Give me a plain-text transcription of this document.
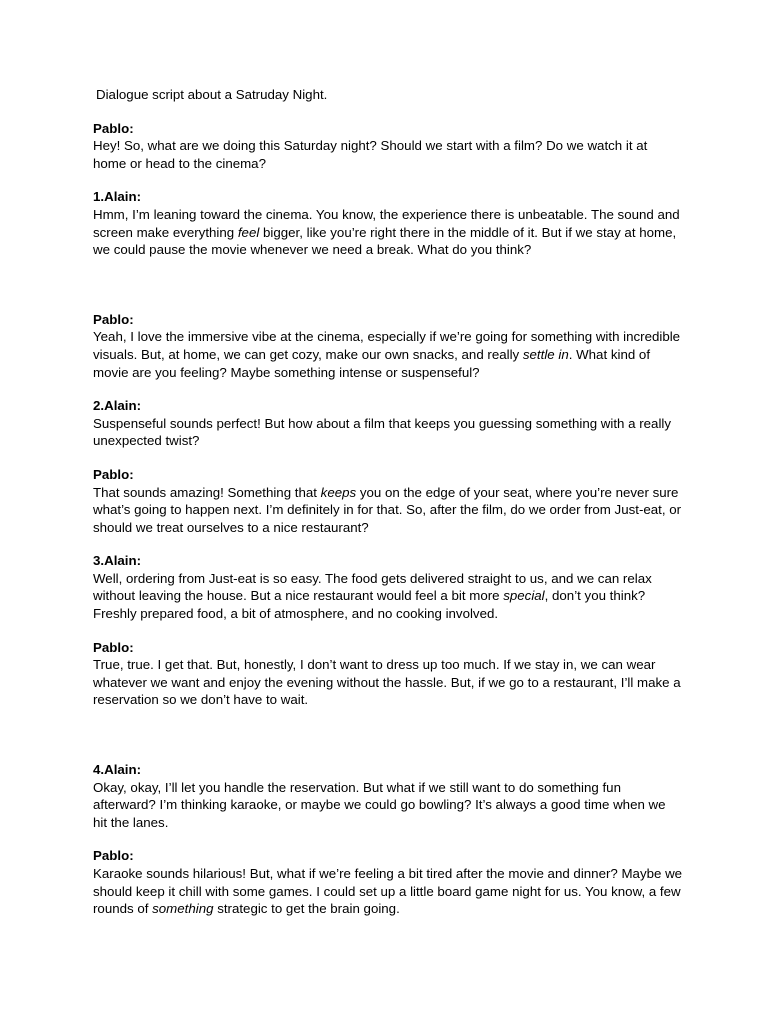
Dialogue script about a Satruday Night.
Pablo:
Hey! So, what are we doing this Saturday night? Should we start with a film? Do we watch it at home or head to the cinema?
1.Alain:
Hmm, I’m leaning toward the cinema. You know, the experience there is unbeatable. The sound and screen make everything feel bigger, like you’re right there in the middle of it. But if we stay at home, we could pause the movie whenever we need a break. What do you think?
Pablo:
Yeah, I love the immersive vibe at the cinema, especially if we’re going for something with incredible visuals. But, at home, we can get cozy, make our own snacks, and really settle in. What kind of movie are you feeling? Maybe something intense or suspenseful?
2.Alain:
Suspenseful sounds perfect! But how about a film that keeps you guessing something with a really unexpected twist?
Pablo:
That sounds amazing! Something that keeps you on the edge of your seat, where you’re never sure what’s going to happen next. I’m definitely in for that. So, after the film, do we order from Just-eat, or should we treat ourselves to a nice restaurant?
3.Alain:
Well, ordering from Just-eat is so easy. The food gets delivered straight to us, and we can relax without leaving the house. But a nice restaurant would feel a bit more special, don’t you think? Freshly prepared food, a bit of atmosphere, and no cooking involved.
Pablo:
True, true. I get that. But, honestly, I don’t want to dress up too much. If we stay in, we can wear whatever we want and enjoy the evening without the hassle. But, if we go to a restaurant, I’ll make a reservation so we don’t have to wait.
4.Alain:
Okay, okay, I’ll let you handle the reservation. But what if we still want to do something fun afterward? I’m thinking karaoke, or maybe we could go bowling? It’s always a good time when we hit the lanes.
Pablo:
Karaoke sounds hilarious! But, what if we’re feeling a bit tired after the movie and dinner? Maybe we should keep it chill with some games. I could set up a little board game night for us. You know, a few rounds of something strategic to get the brain going.
